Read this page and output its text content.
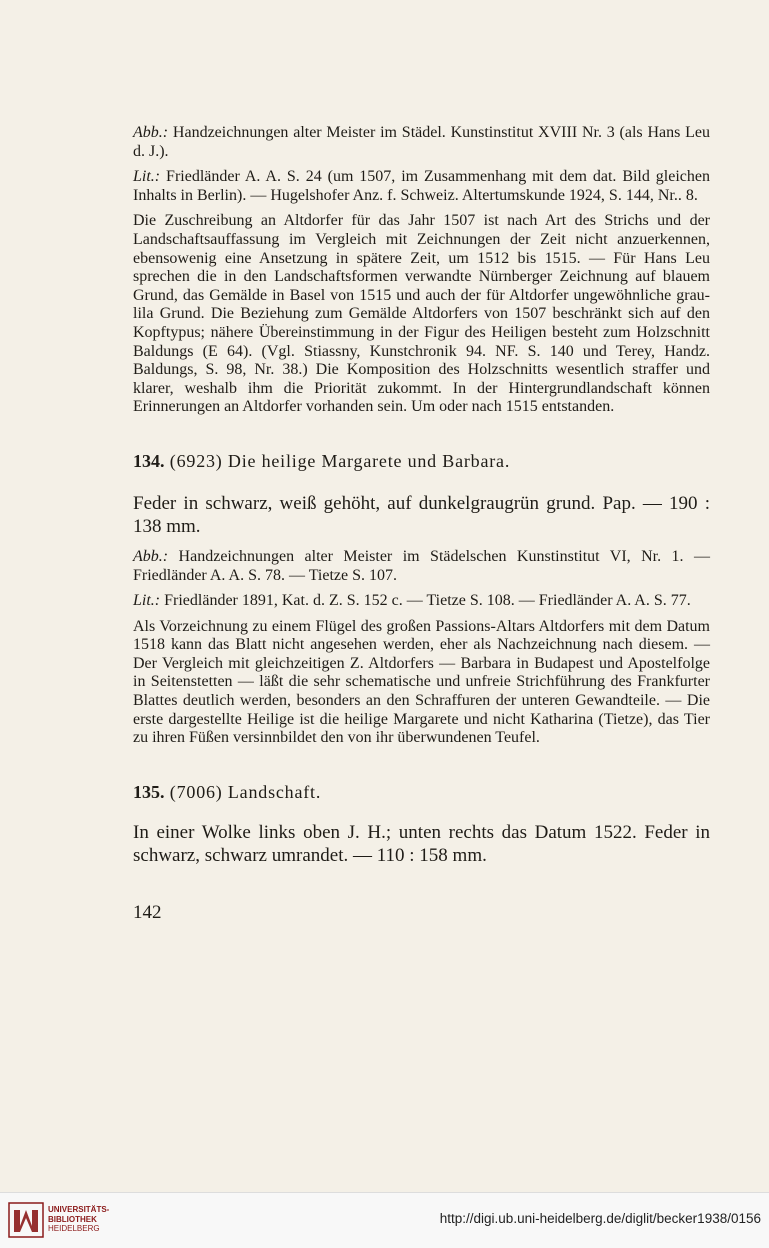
Abb.: Handzeichnungen alter Meister im Städel. Kunstinstitut XVIII Nr. 3 (als Hans Leu d. J.).

Lit.: Friedländer A. A. S. 24 (um 1507, im Zusammenhang mit dem dat. Bild gleichen Inhalts in Berlin). — Hugelshofer Anz. f. Schweiz. Altertumskunde 1924, S. 144, Nr.. 8.

Die Zuschreibung an Altdorfer für das Jahr 1507 ist nach Art des Strichs und der Landschaftsauffassung im Vergleich mit Zeichnungen der Zeit nicht anzuerkennen, ebensowenig eine Ansetzung in spätere Zeit, um 1512 bis 1515. — Für Hans Leu sprechen die in den Landschaftsformen verwandte Nürnberger Zeichnung auf blauem Grund, das Gemälde in Basel von 1515 und auch der für Altdorfer ungewöhnliche grau-lila Grund. Die Beziehung zum Gemälde Altdorfers von 1507 beschränkt sich auf den Kopftypus; nähere Übereinstimmung in der Figur des Heiligen besteht zum Holzschnitt Baldungs (E 64). (Vgl. Stiassny, Kunstchronik 94. NF. S. 140 und Terey, Handz. Baldungs, S. 98, Nr. 38.) Die Komposition des Holzschnitts wesentlich straffer und klarer, weshalb ihm die Priorität zukommt. In der Hintergrundlandschaft können Erinnerungen an Altdorfer vorhanden sein. Um oder nach 1515 entstanden.

134. (6923) Die heilige Margarete und Barbara.

Feder in schwarz, weiß gehöht, auf dunkelgraugrün grund. Pap. — 190 : 138 mm.

Abb.: Handzeichnungen alter Meister im Städelschen Kunstinstitut VI, Nr. 1. — Friedländer A. A. S. 78. — Tietze S. 107.

Lit.: Friedländer 1891, Kat. d. Z. S. 152 c. — Tietze S. 108. — Friedländer A. A. S. 77.

Als Vorzeichnung zu einem Flügel des großen Passions-Altars Altdorfers mit dem Datum 1518 kann das Blatt nicht angesehen werden, eher als Nachzeichnung nach diesem. — Der Vergleich mit gleichzeitigen Z. Altdorfers — Barbara in Budapest und Apostelfolge in Seitenstetten — läßt die sehr schematische und unfreie Strichführung des Frankfurter Blattes deutlich werden, besonders an den Schraffuren der unteren Gewandteile. — Die erste dargestellte Heilige ist die heilige Margarete und nicht Katharina (Tietze), das Tier zu ihren Füßen versinnbildet den von ihr überwundenen Teufel.

135. (7006) Landschaft.

In einer Wolke links oben J. H.; unten rechts das Datum 1522. Feder in schwarz, schwarz umrandet. — 110 : 158 mm.

142

UNIVERSITÄTS-
BIBLIOTHEK
HEIDELBERG
http://digi.ub.uni-heidelberg.de/diglit/becker1938/0156
